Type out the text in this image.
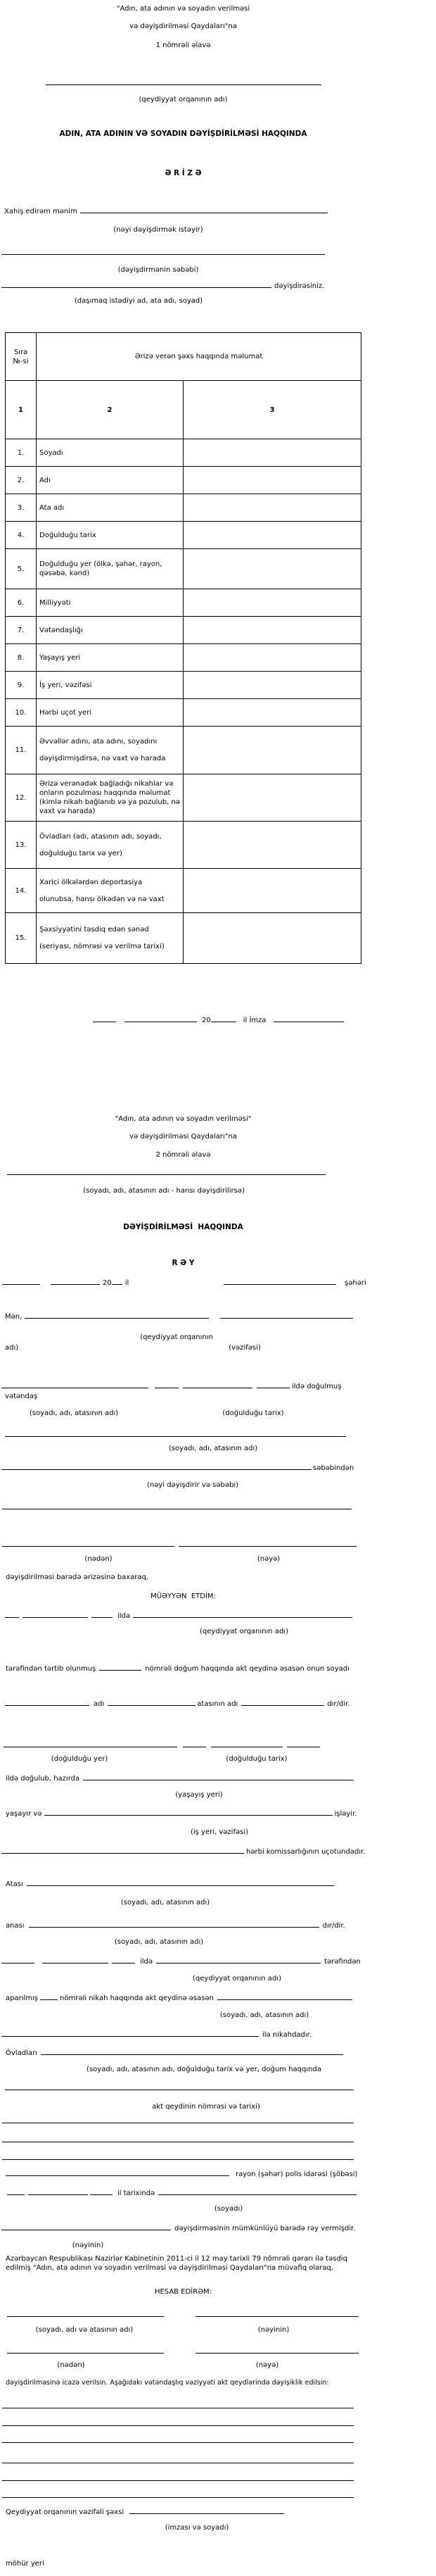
"Adın, ata adının və soyadın verilməsi
və dəyişdirilməsi Qaydaları"na
1 nömrəli əlavə
(qeydiyyat orqanının adı)
ADIN, ATA ADININ VƏ SOYADIN DƏYİŞDİRİLMƏSİ HAQQINDA
Ə R İ Z Ə
Xahiş edirəm mənim
(nəyi dəyişdirmək istəyir)
(dəyişdirmənin səbəbi)
dəyişdirəsiniz.
(daşımaq istədiyi ad, ata adı, soyad)
Sıra
№-si	Ərizə verən şəxs haqqında məlumat	
1	2	3
1.	Soyadı	

2.	Adı	

3.	Ata adı	

4.	Doğulduğu tarix	

5.	Doğulduğu yer (ölkə, şəhər, rayon, qəsəbə, kənd)	

6.	Milliyyəti	

7.	Vətəndaşlığı	

8.	Yaşayış yeri	

9.	İş yeri, vəzifəsi	

10.	Hərbi uçot yeri	

11.	Əvvəllər adını, ata adını, soyadını
dəyişdirmişdirsə, nə vaxt və harada	

12.	Ərizə verənədək bağladığı nikahlar və onların pozulması haqqında məlumat (kimlə nikah bağlanıb və ya pozulub, nə vaxt və harada)	

13.	Övladları (adı, atasının adı, soyadı,
doğulduğu tarix və yer)	

14.	Xarici ölkələrdən deportasiya
olunubsa, hansı ölkədən və nə vaxt	

15.	Şəxsiyyətini təsdiq edən sənəd
(seriyası, nömrəsi və verilmə tarixi)	

20	il İmza
"Adın, ata adının və soyadın verilməsi"
və dəyişdirilməsi Qaydaları"na
2 nömrəli əlavə
(soyadı, adı, atasının adı - hansı dəyişdirilirsə)
DƏYİŞDİRİLMƏSİ  HAQQINDA
R Ə Y
20 il	şəhəri
Mən,
(qeydiyyat orqanının
adı)	(vəzifəsi)
ildə doğulmuş
vətəndaş
(soyadı, adı, atasının adı)	(doğulduğu tarix)
(soyadı, adı, atasının adı)
səbəbindən
(nəyi dəyişdirir və səbəbi)
(nədən)	(nəyə)
dəyişdirilməsi barədə ərizəsinə baxaraq,
MÜƏYYƏN  ETDİM:
ildə
(qeydiyyat orqanının adı)
tərəfindən tərtib olunmuş	nömrəli doğum haqqında akt qeydinə əsasən onun soyadı
adı	atasının adı	dır/dir.
(doğulduğu yer)	(doğulduğu tarix)
ildə doğulub, hazırda
(yaşayış yeri)
yaşayır və	işləyir.
(iş yeri, vəzifəsi)
hərbi komissarlığının uçotundadır.
Atası
(soyadı, adı, atasının adı)
anası	dır/dir.
(soyadı, adı, atasının adı)
ildə	tərəfindən
(qeydiyyat orqanının adı)
aparılmış	nömrəli nikah haqqında akt qeydinə əsasən
(soyadı, adı, atasının adı)
ilə nikahdadır.
Övladları
(soyadı, adı, atasının adı, doğulduğu tarix və yer, doğum haqqında
akt qeydinin nömrəsi və tarixi)
rayon (şəhər) polis idarəsi (şöbəsi)
il tarixində
(soyadı)
dəyişdirməsinin mümkünlüyü barədə rəy vermişdir.
(nəyinin)
Azərbaycan Respublikası Nazirlər Kabinetinin 2011-ci il 12 may tarixli 79 nömrəli qərarı ilə təsdiq edilmiş "Adın, ata adının və soyadın verilməsi və dəyişdirilməsi Qaydaları"na müvafiq olaraq,
HESAB EDİRƏM:
(soyadı, adı və atasının adı)	(nəyinin)
(nədən)	(nəyə)
dəyişdirilməsinə icazə verilsin. Aşağıdakı vətəndaşlıq vəziyyəti akt qeydlərində dəyişiklik edilsin:
Qeydiyyat orqanının vəzifəli şəxsi
(imzası və soyadı)
möhür yeri
